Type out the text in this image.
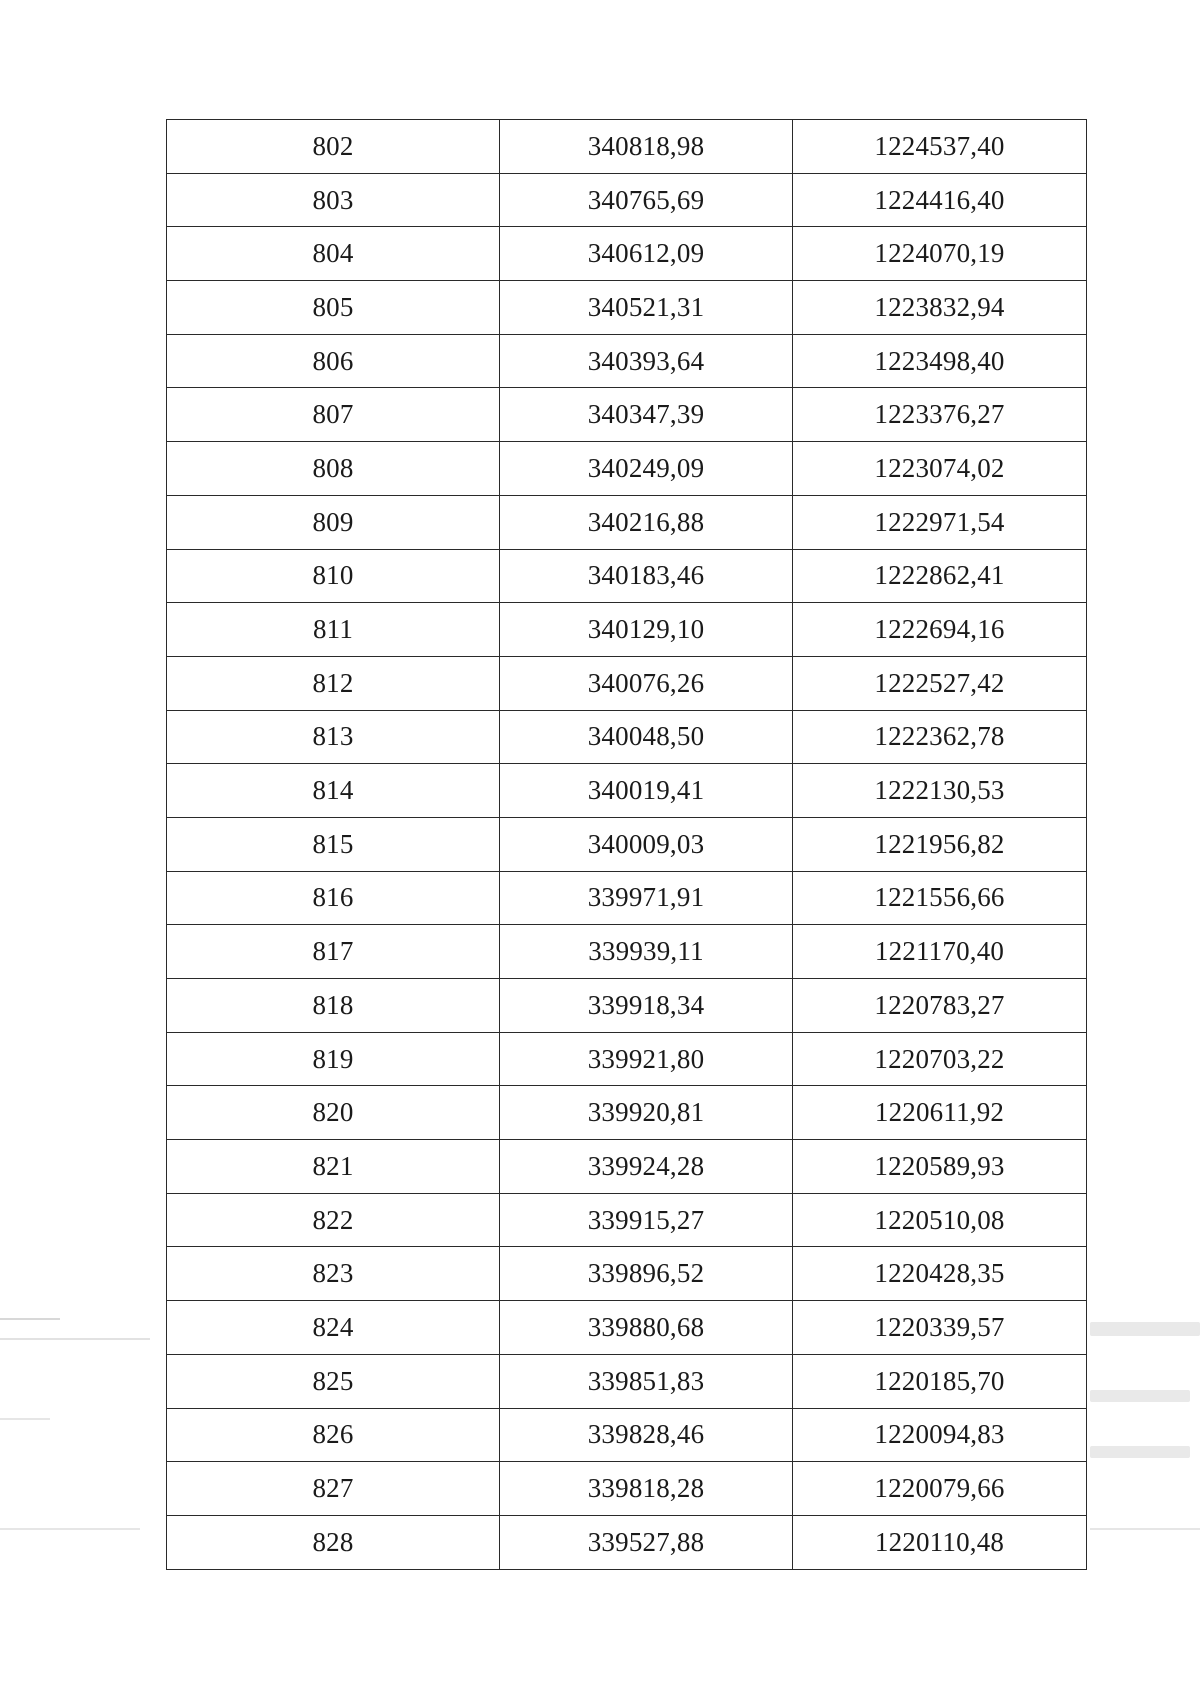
802	340818,98	1224537,40
803	340765,69	1224416,40
804	340612,09	1224070,19
805	340521,31	1223832,94
806	340393,64	1223498,40
807	340347,39	1223376,27
808	340249,09	1223074,02
809	340216,88	1222971,54
810	340183,46	1222862,41
811	340129,10	1222694,16
812	340076,26	1222527,42
813	340048,50	1222362,78
814	340019,41	1222130,53
815	340009,03	1221956,82
816	339971,91	1221556,66
817	339939,11	1221170,40
818	339918,34	1220783,27
819	339921,80	1220703,22
820	339920,81	1220611,92
821	339924,28	1220589,93
822	339915,27	1220510,08
823	339896,52	1220428,35
824	339880,68	1220339,57
825	339851,83	1220185,70
826	339828,46	1220094,83
827	339818,28	1220079,66
828	339527,88	1220110,48
